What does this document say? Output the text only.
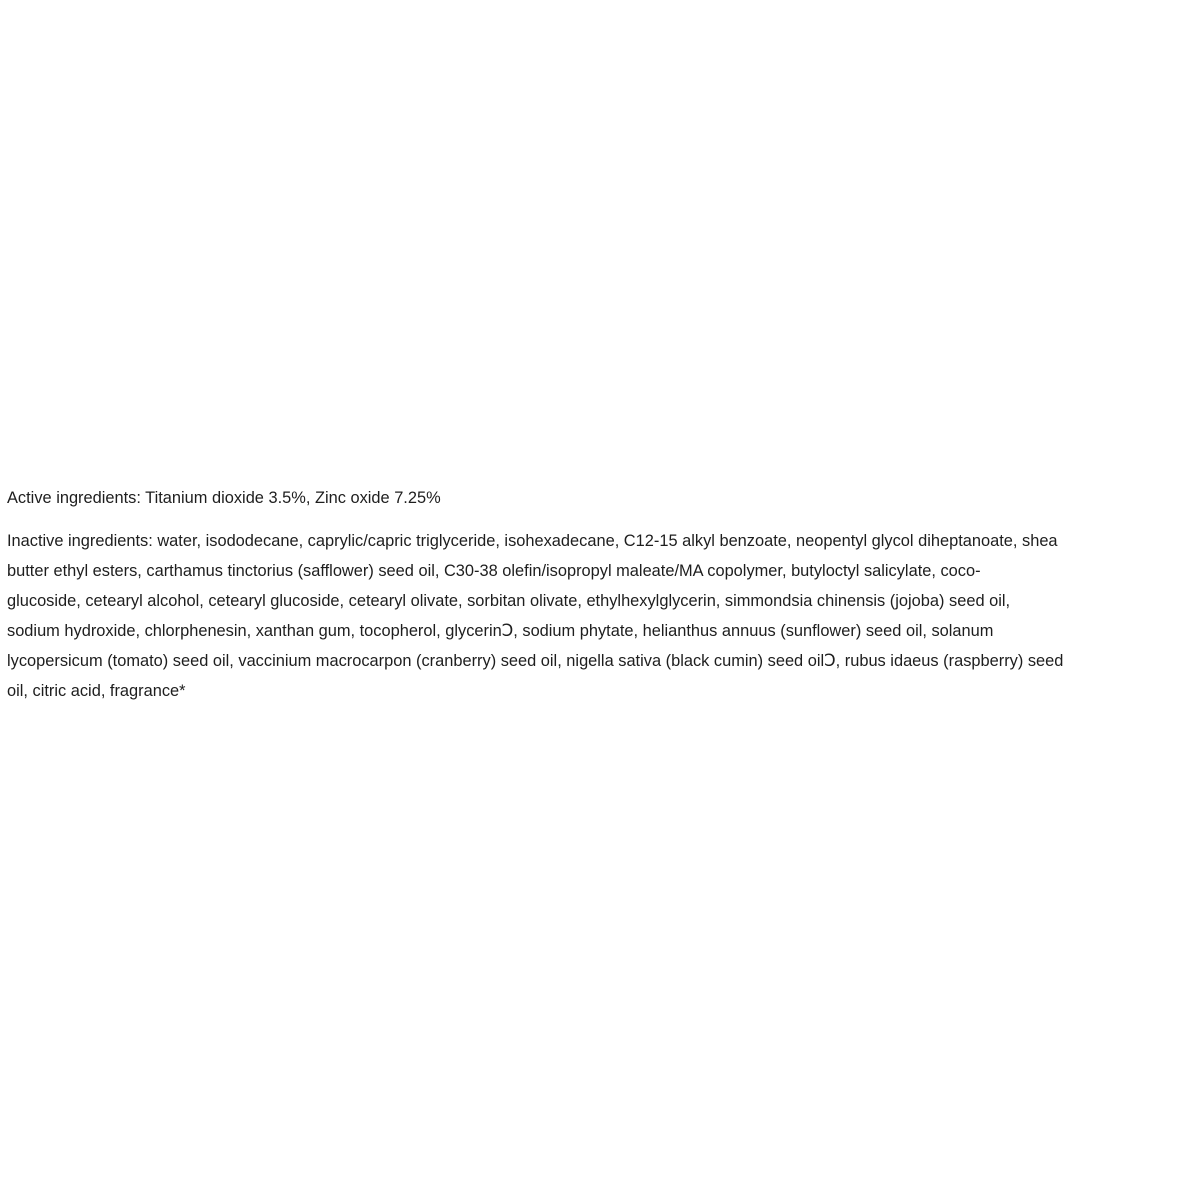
Active ingredients: Titanium dioxide 3.5%, Zinc oxide 7.25%

Inactive ingredients: water, isododecane, caprylic/capric triglyceride, isohexadecane, C12-15 alkyl benzoate, neopentyl glycol diheptanoate, shea
butter ethyl esters, carthamus tinctorius (safflower) seed oil, C30-38 olefin/isopropyl maleate/MA copolymer, butyloctyl salicylate, coco-
glucoside, cetearyl alcohol, cetearyl glucoside, cetearyl olivate, sorbitan olivate, ethylhexylglycerin, simmondsia chinensis (jojoba) seed oil,
sodium hydroxide, chlorphenesin, xanthan gum, tocopherol, glycerinↃ, sodium phytate, helianthus annuus (sunflower) seed oil, solanum
lycopersicum (tomato) seed oil, vaccinium macrocarpon (cranberry) seed oil, nigella sativa (black cumin) seed oilↃ, rubus idaeus (raspberry) seed
oil, citric acid, fragrance*
